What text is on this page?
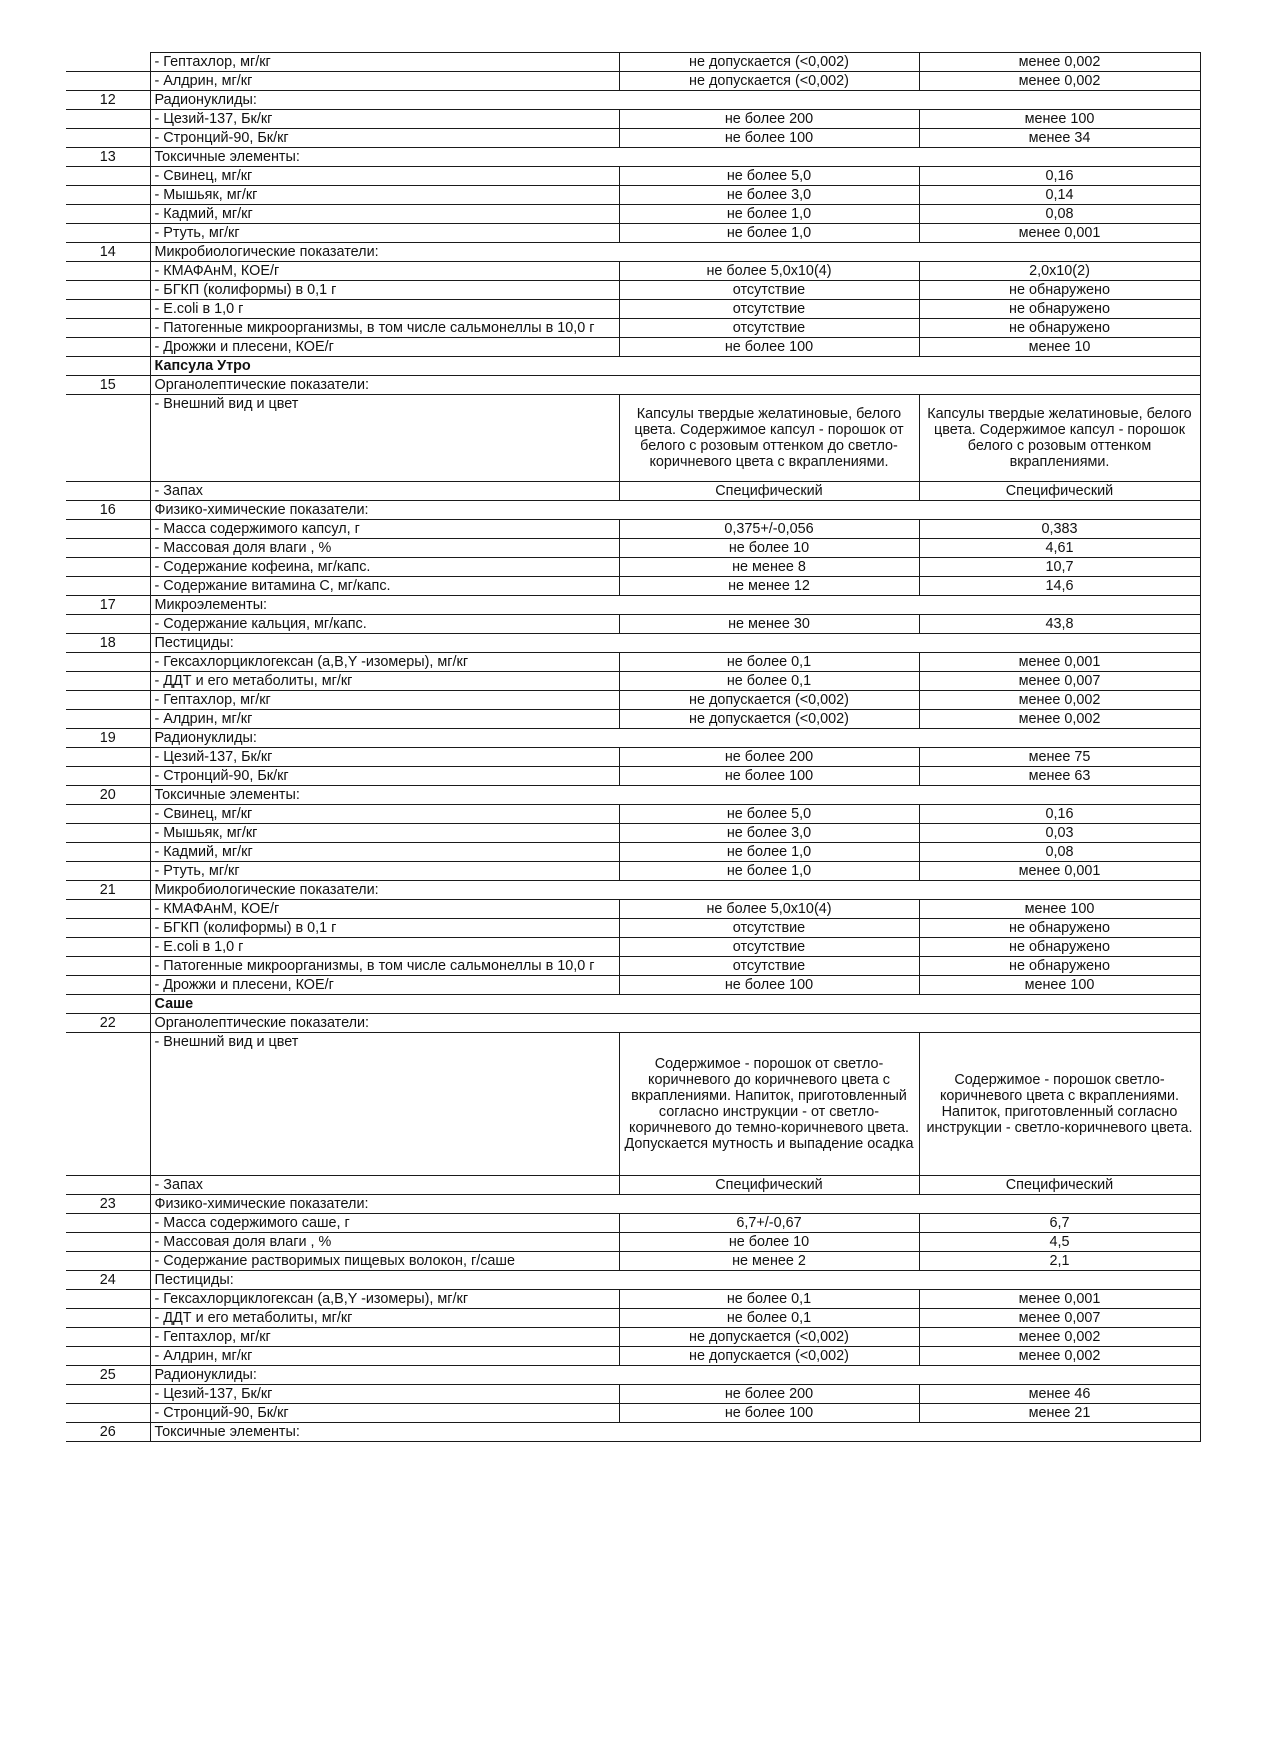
	- Гептахлор, мг/кг	не допускается (<0,002)	менее 0,002
	- Алдрин, мг/кг	не допускается (<0,002)	менее 0,002
12	Радионуклиды:		
	- Цезий-137, Бк/кг	не более 200	менее 100
	- Стронций-90, Бк/кг	не более 100	менее 34
13	Токсичные элементы:		
	- Свинец, мг/кг	не более 5,0	0,16
	- Мышьяк, мг/кг	не более 3,0	0,14
	- Кадмий, мг/кг	не более 1,0	0,08
	- Ртуть, мг/кг	не более 1,0	менее 0,001
14	Микробиологические показатели:		
	- КМАФАнМ, КОЕ/г	не более 5,0x10(4)	2,0x10(2)
	- БГКП (колиформы) в 0,1 г	отсутствие	не обнаружено
	- E.coli в 1,0 г	отсутствие	не обнаружено
	- Патогенные микроорганизмы, в том числе сальмонеллы в 10,0 г	отсутствие	не обнаружено
	- Дрожжи и плесени, КОЕ/г	не более 100	менее 10
	Капсула Утро		
15	Органолептические показатели:		
	- Внешний вид и цвет	Капсулы твердые желатиновые, белого цвета. Содержимое капсул - порошок от белого с розовым оттенком до светло-коричневого цвета с вкраплениями.	Капсулы твердые желатиновые, белого цвета. Содержимое капсул - порошок белого с розовым оттенком вкраплениями.
	- Запах	Специфический	Специфический
16	Физико-химические показатели:		
	- Масса содержимого капсул, г	0,375+/-0,056	0,383
	- Массовая доля влаги , %	не более 10	4,61
	- Содержание кофеина, мг/капс.	не менее 8	10,7
	- Содержание витамина С, мг/капс.	не менее 12	14,6
17	Микроэлементы:		
	- Содержание кальция, мг/капс.	не менее 30	43,8
18	Пестициды:		
	- Гексахлорциклогексан (a,B,Y -изомеры), мг/кг	не более 0,1	менее 0,001
	- ДДТ и его метаболиты, мг/кг	не более 0,1	менее 0,007
	- Гептахлор, мг/кг	не допускается (<0,002)	менее 0,002
	- Алдрин, мг/кг	не допускается (<0,002)	менее 0,002
19	Радионуклиды:		
	- Цезий-137, Бк/кг	не более 200	менее 75
	- Стронций-90, Бк/кг	не более 100	менее 63
20	Токсичные элементы:		
	- Свинец, мг/кг	не более 5,0	0,16
	- Мышьяк, мг/кг	не более 3,0	0,03
	- Кадмий, мг/кг	не более 1,0	0,08
	- Ртуть, мг/кг	не более 1,0	менее 0,001
21	Микробиологические показатели:		
	- КМАФАнМ, КОЕ/г	не более 5,0x10(4)	менее 100
	- БГКП (колиформы) в 0,1 г	отсутствие	не обнаружено
	- E.coli в 1,0 г	отсутствие	не обнаружено
	- Патогенные микроорганизмы, в том числе сальмонеллы в 10,0 г	отсутствие	не обнаружено
	- Дрожжи и плесени, КОЕ/г	не более 100	менее 100
	Саше		
22	Органолептические показатели:		
	- Внешний вид и цвет	Содержимое - порошок от светло-коричневого до коричневого цвета с вкраплениями. Напиток, приготовленный согласно инструкции - от светло-коричневого до темно-коричневого цвета. Допускается мутность и выпадение осадка	Содержимое - порошок светло-коричневого цвета с вкраплениями. Напиток, приготовленный согласно инструкции - светло-коричневого цвета.
	- Запах	Специфический	Специфический
23	Физико-химические показатели:		
	- Масса содержимого саше, г	6,7+/-0,67	6,7
	- Массовая доля влаги , %	не более 10	4,5
	- Содержание растворимых пищевых волокон, г/саше	не менее 2	2,1
24	Пестициды:		
	- Гексахлорциклогексан (a,B,Y -изомеры), мг/кг	не более 0,1	менее 0,001
	- ДДТ и его метаболиты, мг/кг	не более 0,1	менее 0,007
	- Гептахлор, мг/кг	не допускается (<0,002)	менее 0,002
	- Алдрин, мг/кг	не допускается (<0,002)	менее 0,002
25	Радионуклиды:		
	- Цезий-137, Бк/кг	не более 200	менее 46
	- Стронций-90, Бк/кг	не более 100	менее 21
26	Токсичные элементы:		
